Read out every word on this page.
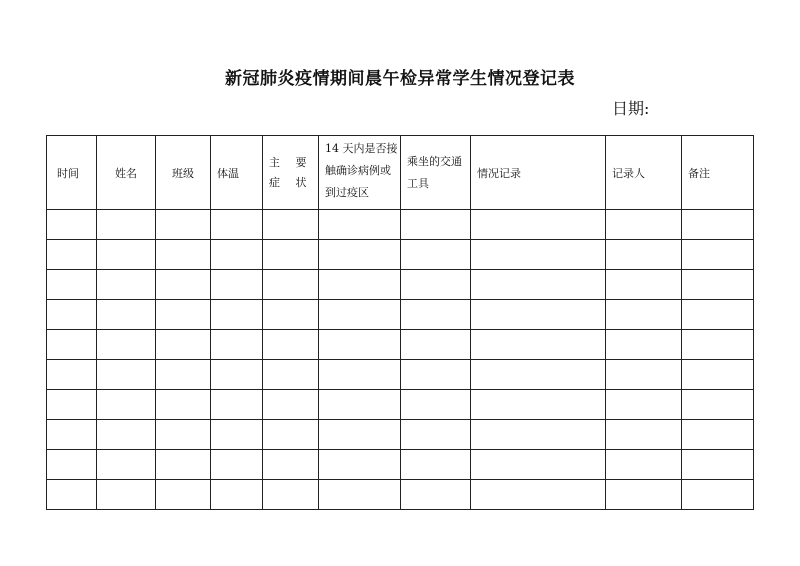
新冠肺炎疫情期间晨午检异常学生情况登记表
日期:
时间	姓名	班级	体温	主 要 症 状	14 天内是否接
触确诊病例或
到过疫区	乘坐的交通
工具	情况记录	记录人	备注
